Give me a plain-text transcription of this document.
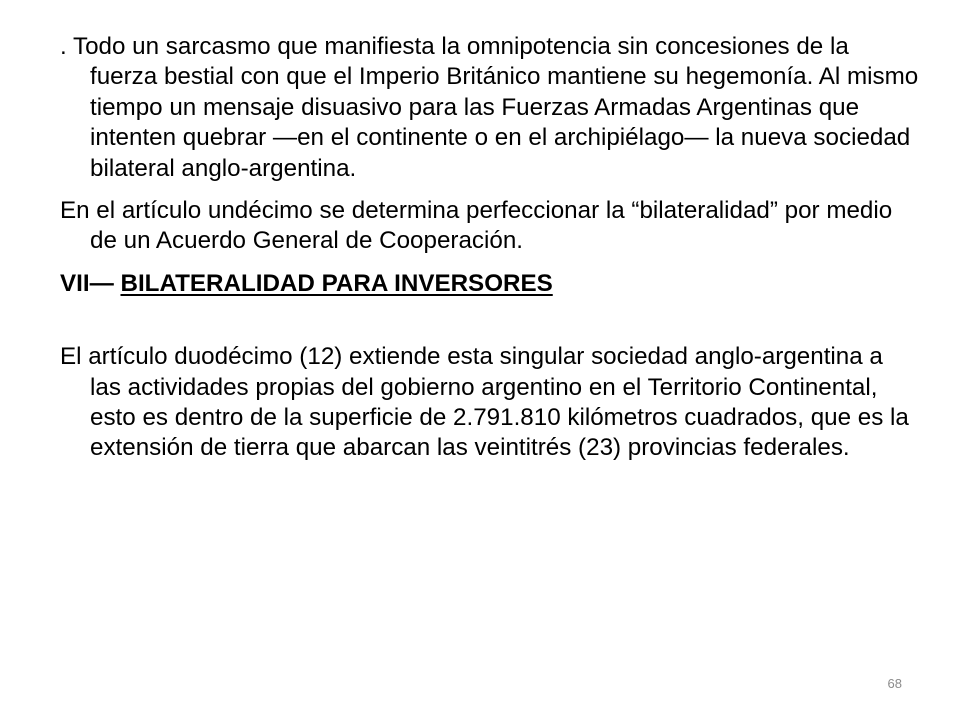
. Todo un sarcasmo que manifiesta la omnipotencia sin concesiones de la fuerza bestial con que el Imperio Británico mantiene su hegemonía. Al mismo tiempo un mensaje disuasivo para las Fuerzas Armadas Argentinas que intenten quebrar —en el continente o en el archipiélago— la nueva sociedad bilateral anglo-argentina.

En el artículo undécimo se determina perfeccionar la “bilateralidad” por medio de un Acuerdo General de Cooperación.

VII— BILATERALIDAD PARA INVERSORES

El artículo duodécimo (12) extiende esta singular sociedad anglo-argentina a las actividades propias del gobierno argentino en el Territorio Continental, esto es dentro de la superficie de 2.791.810 kilómetros cuadrados, que es la extensión de tierra que abarcan las veintitrés (23) provincias federales.

68
